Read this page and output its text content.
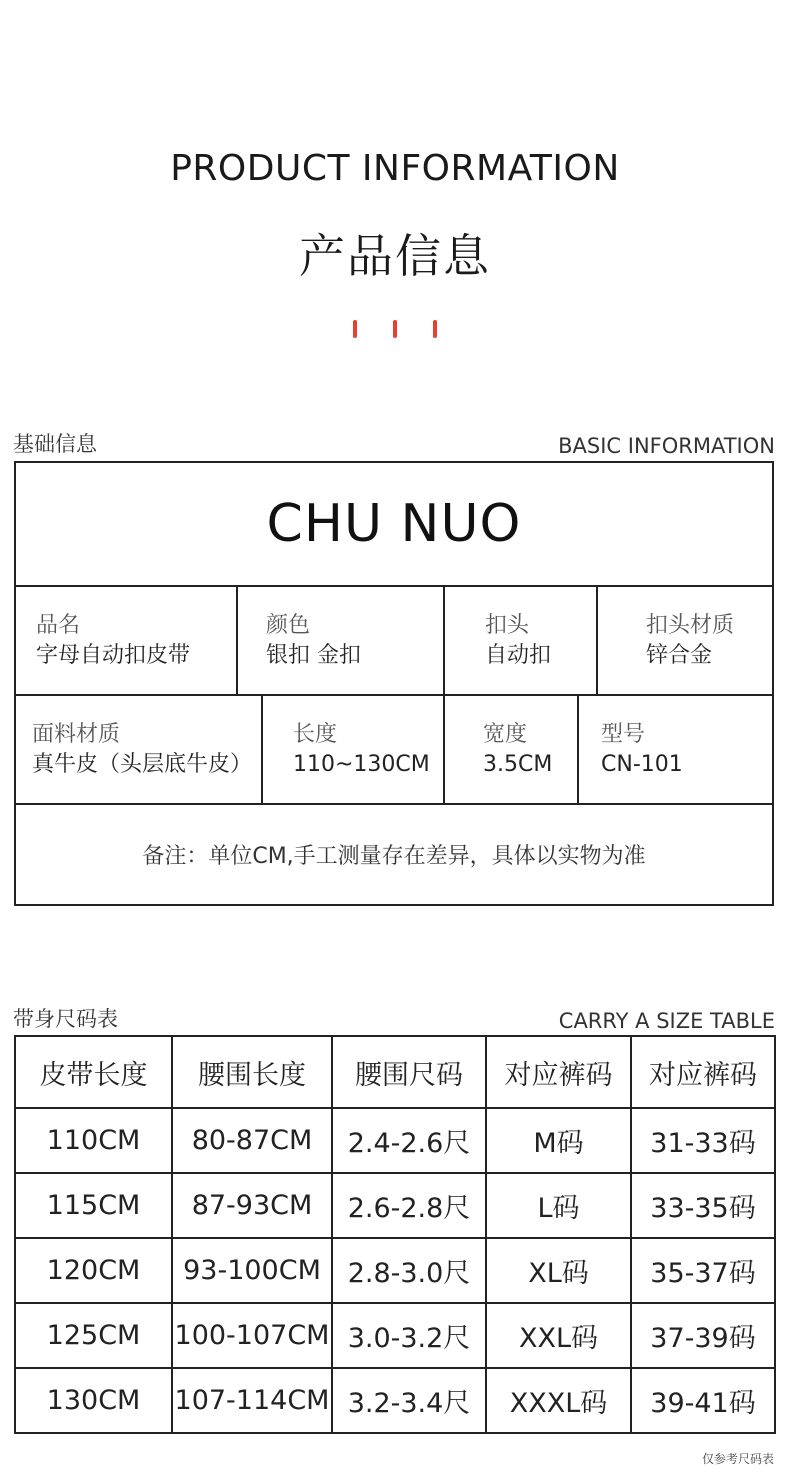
PRODUCT INFORMATION
产品信息
基础信息	BASIC INFORMATION
CHU NUO
品名
字母自动扣皮带
颜色
银扣 金扣
扣头
自动扣
扣头材质
锌合金
面料材质
真牛皮（头层底牛皮）
长度
110~130CM
宽度
3.5CM
型号
CN-101
备注：单位CM,手工测量存在差异，具体以实物为准
带身尺码表	CARRY A SIZE TABLE
皮带长度	腰围长度	腰围尺码	对应裤码	对应裤码
110CM	80-87CM	2.4-2.6尺	M码	31-33码
115CM	87-93CM	2.6-2.8尺	L码	33-35码
120CM	93-100CM	2.8-3.0尺	XL码	35-37码
125CM	100-107CM	3.0-3.2尺	XXL码	37-39码
130CM	107-114CM	3.2-3.4尺	XXXL码	39-41码
仅参考尺码表
